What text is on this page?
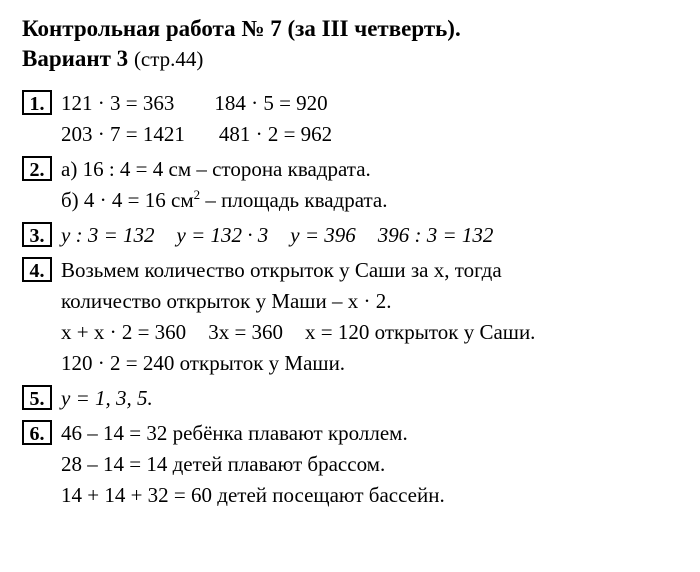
Контрольная работа № 7 (за III четверть).
Вариант 3 (стр.44)
1. 121 · 3 = 363 184 · 5 = 920
203 · 7 = 1421 481 · 2 = 962
2. а) 16 : 4 = 4 см – сторона квадрата.
б) 4 · 4 = 16 $см^2$ – площадь квадрата.
3. y : 3 = 132 y = 132 · 3 y = 396 396 : 3 = 132
4. Возьмем количество открыток у Саши за x, тогда
количество открыток у Маши – x · 2.
x + x · 2 = 360 3x = 360 x = 120 открыток у Саши.
120 · 2 = 240 открыток у Маши.
5. y = 1, 3, 5.
6. 46 – 14 = 32 ребёнка плавают кроллем.
28 – 14 = 14 детей плавают брассом.
14 + 14 + 32 = 60 детей посещают бассейн.
